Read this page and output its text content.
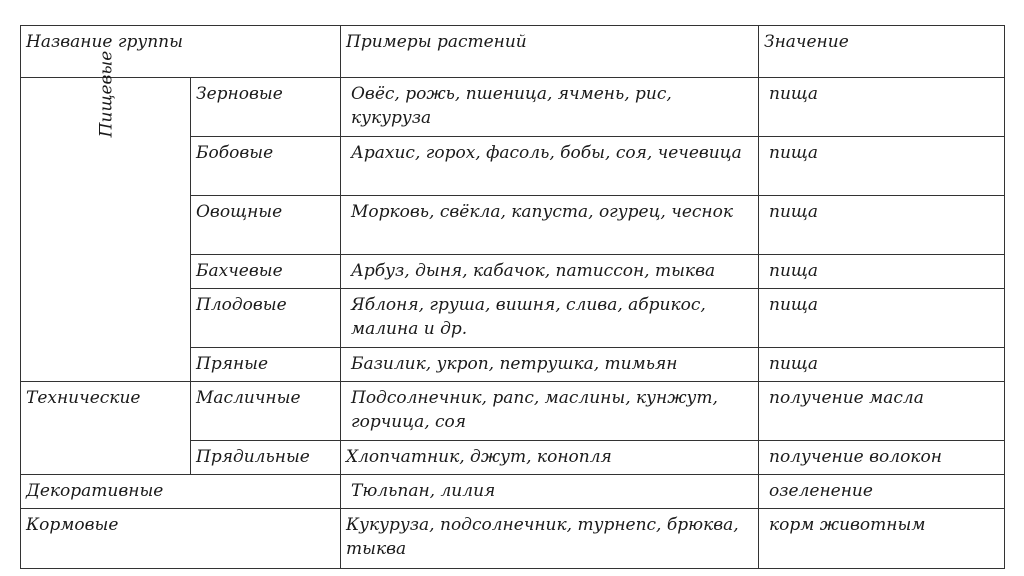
Название группы		Примеры растений	Значение
Пищевые	Зерновые	Овёс, рожь, пшеница, ячмень, рис, кукуруза	пища
	Бобовые	Арахис, горох, фасоль, бобы, соя, чечевица	пища
	Овощные	Морковь, свёкла, капуста, огурец, чеснок	пища
	Бахчевые	Арбуз, дыня, кабачок, патиссон, тыква	пища
	Плодовые	Яблоня, груша, вишня, слива, абрикос, малина и др.	пища
	Пряные	Базилик, укроп, петрушка, тимьян	пища
Технические	Масличные	Подсолнечник, рапс, маслины, кунжут, горчица, соя	получение масла
	Прядильные	Хлопчатник, джут, конопля	получение волокон
Декоративные		Тюльпан, лилия	озеленение
Кормовые		Кукуруза, подсолнечник, турнепс, брюква, тыква	корм животным
